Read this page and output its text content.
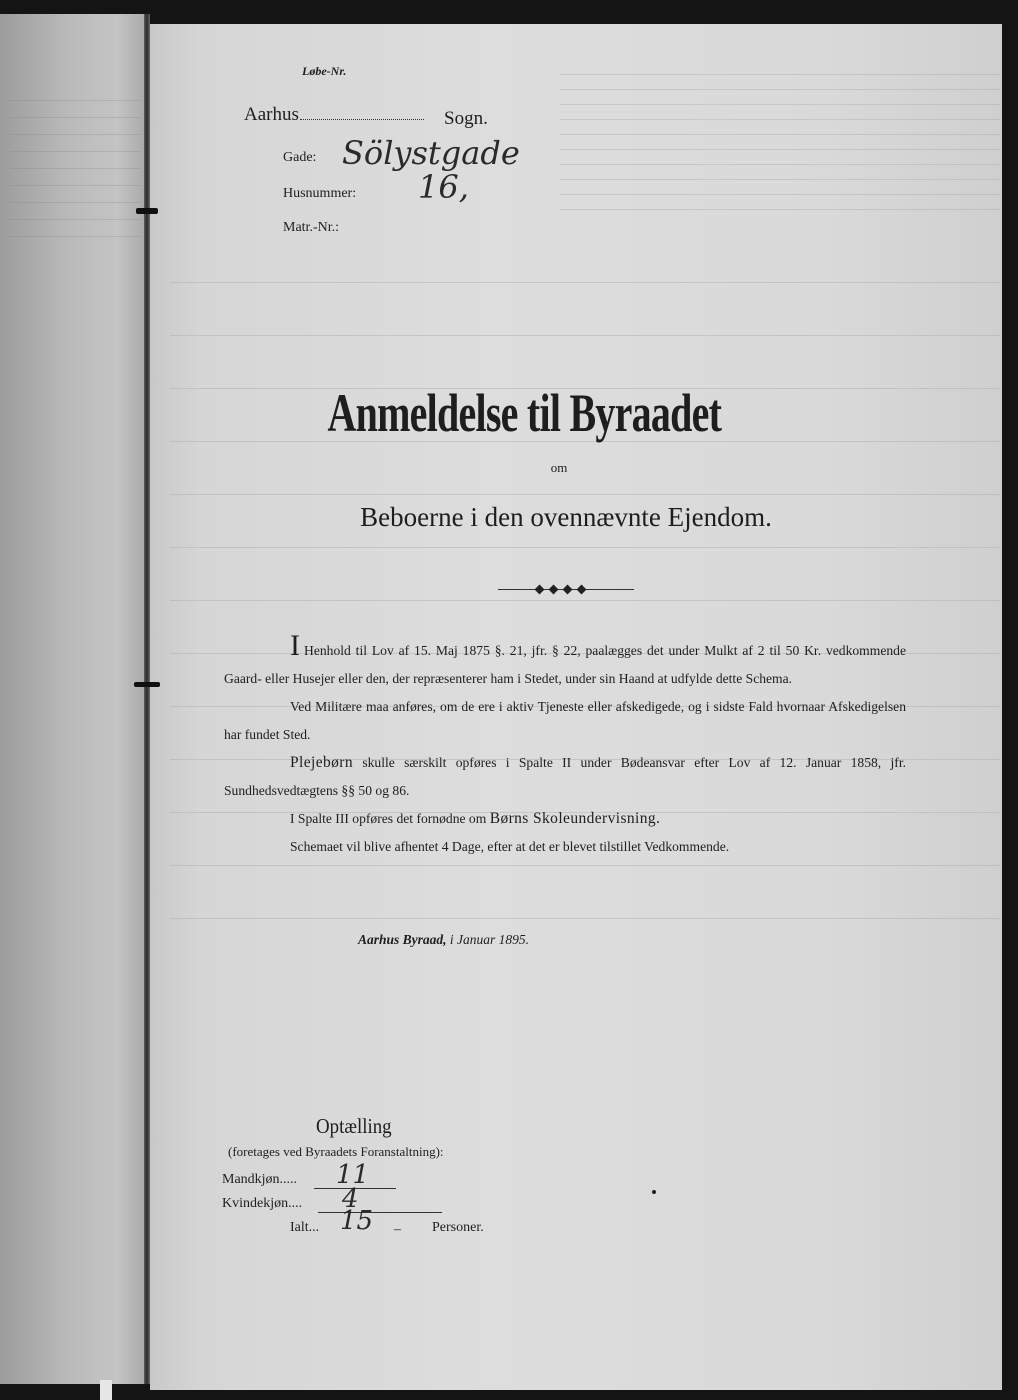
Løbe-Nr.
Aarhus	Sogn.
Gade: Sölystgade
Husnummer: 16,
Matr.-Nr.:
Anmeldelse til Byraadet
om
Beboerne i den ovennævnte Ejendom.

I Henhold til Lov af 15. Maj 1875 §. 21, jfr. § 22, paalægges det under Mulkt af 2 til 50 Kr. vedkommende Gaard- eller Husejer eller den, der repræsenterer ham i Stedet, under sin Haand at udfylde dette Schema.

Ved Militære maa anføres, om de ere i aktiv Tjeneste eller afskedigede, og i sidste Fald hvornaar Afskedigelsen har fundet Sted.

Plejebørn skulle særskilt opføres i Spalte II under Bødeansvar efter Lov af 12. Januar 1858, jfr. Sundhedsvedtægtens §§ 50 og 86.

I Spalte III opføres det fornødne om Børns Skoleundervisning.

Schemaet vil blive afhentet 4 Dage, efter at det er blevet tilstillet Vedkommende.

Aarhus Byraad, i Januar 1895.
Optælling
(foretages ved Byraadets Foranstaltning):
Mandkjøn..... 11
Kvindekjøn.... 4
Ialt... 15 – Personer.
